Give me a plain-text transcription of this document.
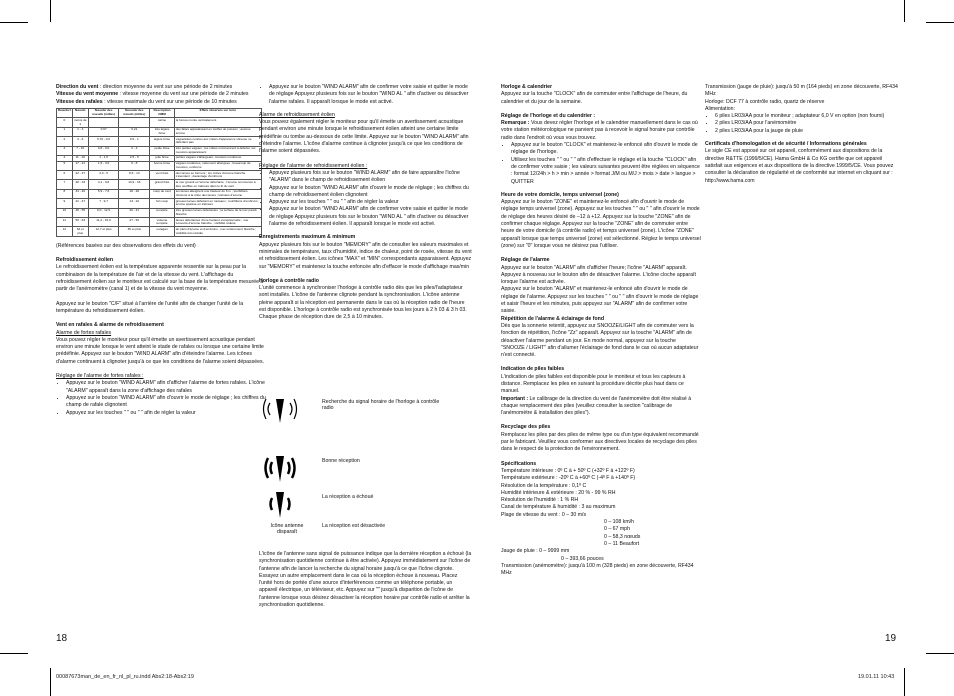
Direction du vent : direction moyenne du vent sur une période de 2 minutes

Vitesse du vent moyenne : vitesse moyenne du vent sur une période de 2 minutes

Vitesse des rafales : vitesse maximale du vent sur une période de 10 minutes

Beaufort	Nœuds	Nœuds/ des noeuds (milles)	Noeuds/ des nœuds (milles)	Description OMM	Effets observés sur terre
0	moins de 1			calme	la fumée monte verticalement
1	1 - 3	0,97	0,21	très légère brise	des faites apparaissant en touffes de poisson ; aucune écume
2	4 - 6	0,70 - 0,0	0,5 - 1	légère brise	vaguelettes courtes aux crêtes d'apparence vitreuse ne déferlant pas
3	7 - 10	0,8 - 0,0	2 - 3	petite brise	très petites vagues ; les crêtes commencent à déferler, les moutons apparaissent
4	11 - 16	1 - 1,5	2,5 - 5	jolie brise	petites vagues s'allongeant, moutons nombreux
5	17 - 21	1,5 - 3,0	6 - 8	bonne brise	vagues modérées, nettement allongées ; beaucoup de moutons, embruns
6	22 - 27	2,0 - 5	8,5 - 13	vent frais	des lames se forment ; les crêtes d'écume blanche s'étendent ; davantage d'embruns
7	28 - 33	4,1 - 9,8	13,9 - 18	grand frais	la mer grossit et l'écume déferlante ; l'écume commence à être soufflée en traînées dans le lit du vent
8	34 - 40	5,9 - 7,6	18 - 20	coup de vent	les lames atteignent une hauteur de 6 m ; tourbillons d'écume à la crête des lames ; traînées d'écume
9	41 - 47	7 - 9,7	13 - 22	fort coup	grosses lames déferlant en rouleaux ; tourbillons d'embruns ; écume épaisse en traînées
10	48 - 55	9,0 - 12,5	20 - 41	tempête	très grosses lames déferlantes ; la surface de la mer paraît blanche
11	56 - 63	11,2 - 15,0	27 - 52	violente tempête	lames déferlantes d'une hauteur exceptionnelle ; mer couverte d'écume blanche ; visibilité réduite
12	64 et plus	12,7 et plus	35 et plus	ouragan	air plein d'écume et d'embruns ; mer entièrement blanche ; visibilité très réduite

(Références basées sur des observations des effets du vent)

Refroidissement éolien

Le refroidissement éolien est la température apparente ressentie sur la peau par la combinaison de la température de l'air et de la vitesse du vent. L'affichage du refroidissement éolien sur le moniteur est calculé sur la base de la température mesurée à partir de l'anémomètre (canal 1) et de la vitesse du vent moyenne.

Appuyez sur le bouton "C/F" situé à l'arrière de l'unité afin de changer l'unité de la température du refroidissement éolien.

Vent en rafales & alarme de refroidissement

Alarme de fortes rafales

Vous pouvez régler le moniteur pour qu'il émette un avertissement acoustique pendant environ une minute lorsque le vent atteint le stade de rafales ou lorsque une certaine limite prédéfinie. Appuyez sur le bouton "WIND ALARM" afin d'éteindre l'alarme. Les icônes d'alarme continuent à clignoter jusqu'à ce que les conditions de l'alarme soient dépassées.

Réglage de l'alarme de fortes rafales :

• Appuyez sur le bouton "WIND ALARM" afin d'afficher l'alarme de fortes rafales. L'icône "ALARM" apparaît dans la zone d'affichage des rafales
• Appuyez sur le bouton "WIND ALARM" afin d'ouvrir le mode de réglage ; les chiffres du champ de rafale clignotent
• Appuyez sur les touches " " ou " " afin de régler la valeur
• Appuyez sur le bouton "WIND ALARM" afin de confirmer votre saisie et quitter le mode de réglage Appuyez plusieurs fois sur le bouton "WIND AL " afin d'activer ou désactiver l'alarme rafales. Il apparaît lorsque le mode est activé.

Alarme de refroidissement éolien

Vous pouvez également régler le moniteur pour qu'il émette un avertissement acoustique pendant environ une minute lorsque le refroidissement éolien atteint une certaine limite prédéfinie ou tombe au-dessous de cette limite. Appuyez sur le bouton "WIND ALARM" afin d'éteindre l'alarme. L'icône d'alarme continue à clignoter jusqu'à ce que les conditions de l'alarme soient dépassées.

Réglage de l'alarme de refroidissement éolien :

• Appuyez plusieurs fois sur le bouton "WIND ALARM" afin de faire apparaître l'icône "ALARM" dans le champ de refroidissement éolien
• Appuyez sur le bouton "WIND ALARM" afin d'ouvrir le mode de réglage ; les chiffres du champ de refroidissement éolien clignotent
• Appuyez sur les touches " " ou " " afin de régler la valeur
• Appuyez sur le bouton "WIND ALARM" afin de confirmer votre saisie et quitter le mode de réglage Appuyez plusieurs fois sur le bouton "WIND AL " afin d'activer ou désactiver l'alarme de refroidissement éolien. Il apparaît lorsque le mode est activé.

Enregistrements maximum & minimum

Appuyez plusieurs fois sur le bouton "MEMORY" afin de consulter les valeurs maximales et minimales de température, taux d'humidité, indice de chaleur, point de rosée, vitesse du vent et refroidissement éolien. Les icônes "MAX" et "MIN" correspondants apparaissent. Appuyez sur "MEMORY" et maintenez la touche enfoncée afin d'effacer le mode d'affichage max/min

Horloge à contrôle radio

L'unité commence à synchroniser l'horloge à contrôle radio dès que les piles/l'adaptateur sont installés. L'icône de l'antenne clignote pendant la synchronisation. L'icône antenne pleine apparaît si la réception est permanente dans le cas où la réception radio de l'heure est disponible. L'horloge à contrôle radio est synchronisée tous les jours à 2 h 03 & 3 h 03. Chaque phase de réception dure de 2,5 à 10 minutes.

Recherche du signal horaire de l'horloge à contrôle radio
Bonne réception
La réception a échoué
Icône antenne disparaît
La réception est désactivée

L'icône de l'antenne sans signal de puissance indique que la dernière réception a échoué (la synchronisation quotidienne continue à être activée). Appuyez immédiatement sur l'icône de l'antenne afin de lancer la recherche du signal horaire jusqu'à ce que l'icône clignote. Essayez un autre emplacement dans le cas où la réception échoue à nouveau. Placez l'unité hors de portée d'une source d'interférences comme un téléphone portable, un appareil électrique, un téléviseur, etc. Appuyez sur "" jusqu'à disparition de l'icône de l'antenne lorsque vous désirez désactiver la réception horaire par contrôle radio et arrêter la synchronisation quotidienne.

Horloge & calendrier

Appuyez sur la touche "CLOCK" afin de commuter entre l'affichage de l'heure, du calendrier et du jour de la semaine.

Réglage de l'horloge et du calendrier :

Remarque : Vous devez régler l'horloge et le calendrier manuellement dans le cas où votre station météorologique ne parvient pas à recevoir le signal horaire par contrôle radio dans l'endroit où vous vous trouvez.

• Appuyez sur le bouton "CLOCK" et maintenez-le enfoncé afin d'ouvrir le mode de réglage de l'horloge.
• Utilisez les touches " " ou " " afin d'effectuer le réglage et la touche "CLOCK" afin de confirmer votre saisie ; les valeurs suivantes peuvent être réglées en séquence : format 12/24h > h > min > année > format J/M ou M/J > mois > date > langue > QUITTER

Heure de votre domicile, temps universel (zone)

Appuyez sur le bouton "ZONE" et maintenez-le enfoncé afin d'ouvrir le mode de réglage temps universel (zone). Appuyez sur les touches " " ou " " afin d'ouvrir le mode de réglage des heures désiré de –12 à +12. Appuyez sur la touche "ZONE" afin de confirmer chaque réglage. Appuyez sur la touche "ZONE" afin de commuter entre heure de votre domicile (à contrôle radio) et temps universel (zone). L'icône "ZONE" apparaît lorsque que temps universel (zone) est sélectionné. Réglez le temps universel (zone) sur "0" lorsque vous ne désirez pas l'utiliser.

Réglage de l'alarme

Appuyez sur le bouton "ALARM" afin d'afficher l'heure; l'icône "ALARM" apparaît. Appuyez à nouveau sur le bouton afin de désactiver l'alarme. L'icône cloche apparaît lorsque l'alarme est activée.

Appuyez sur le bouton "ALARM" et maintenez-le enfoncé afin d'ouvrir le mode de réglage de l'alarme. Appuyez sur les touches " " ou " " afin d'ouvrir le mode de réglage et saisir l'heure et les minutes, puis appuyez sur "ALARM" afin de confirmer votre saisie.

Répétition de l'alarme & éclairage de fond

Dès que la sonnerie retentit, appuyez sur SNOOZE/LIGHT afin de commuter vers la fonction de répétition, l'icône "Zz" apparaît. Appuyez sur la touche "ALARM" afin de désactiver l'alarme pendant un jour. En mode normal, appuyez sur la touche "SNOOZE / LIGHT" afin d'allumer l'éclairage de fond dans le cas où aucun adaptateur n'est connecté.

Indication de piles faibles

L'indication de piles faibles est disponible pour le moniteur et tous les capteurs à distance. Remplacez les piles en suivant la procédure décrite plus haut dans ce manuel.

Important : Le calibrage de la direction du vent de l'anémomètre doit être réalisé à chaque remplacement des piles (veuillez consulter la section "calibrage de l'anémomètre & installation des piles").

Recyclage des piles

Remplacez les piles par des piles de même type ou d'un type équivalent recommandé par le fabricant. Veuillez vous conformer aux directives locales de recyclage des piles dans le respect de la protection de l'environnement.

Spécifications

Température intérieure : 0º C à + 50º C (+32º F à +122º F)
Température extérieure : -20º C à +60º C (-4º F à +140º F)
Résolution de la température : 0,1º C
Humidité intérieure & extérieure : 20 % - 99 % RH
Résolution de l'humidité : 1 % RH
Canal de température & humidité : 3 au maximum
Plage de vitesse du vent : 0 – 30 m/s
0 – 108 km/h
0 – 67 mph
0 – 58,3 nœuds
0 – 11 Beaufort
Jauge de pluie : 0 – 9999 mm
0 – 393,66 pouces
Transmission (anémomètre): jusqu'à 100 m (328 pieds) en zone découverte, RF434 MHz
Transmission (jauge de pluie): jusqu'à 50 m (164 pieds) en zone découverte, RF434 MHz
Horloge: DCF 77 à contrôle radio, quartz de réserve
Alimentation:
• 6 piles LR03/AA pour le moniteur ; adaptateur 6,0 V en option (non fourni)
• 2 piles LR03/AA pour l'anémomètre
• 2 piles LR03/AA pour la jauge de pluie

Certificats d'homologation et de sécurité / Informations générales

Le sigle CE est apposé sur cet appareil, conformément aux dispositions de la directive R&TTE (1999/5/CE). Hama GmbH & Co KG certifie que cet appareil satisfait aux exigences et aux dispositions de la directive 1999/5/CE. Vous pouvez consulter la déclaration de régularité et de conformité sur internet en cliquant sur : http://www.hama.com

18	19
00087673man_de_en_fr_nl_pl_ru.indd Abs2:18-Abs2:19	19.01.11 10:43
